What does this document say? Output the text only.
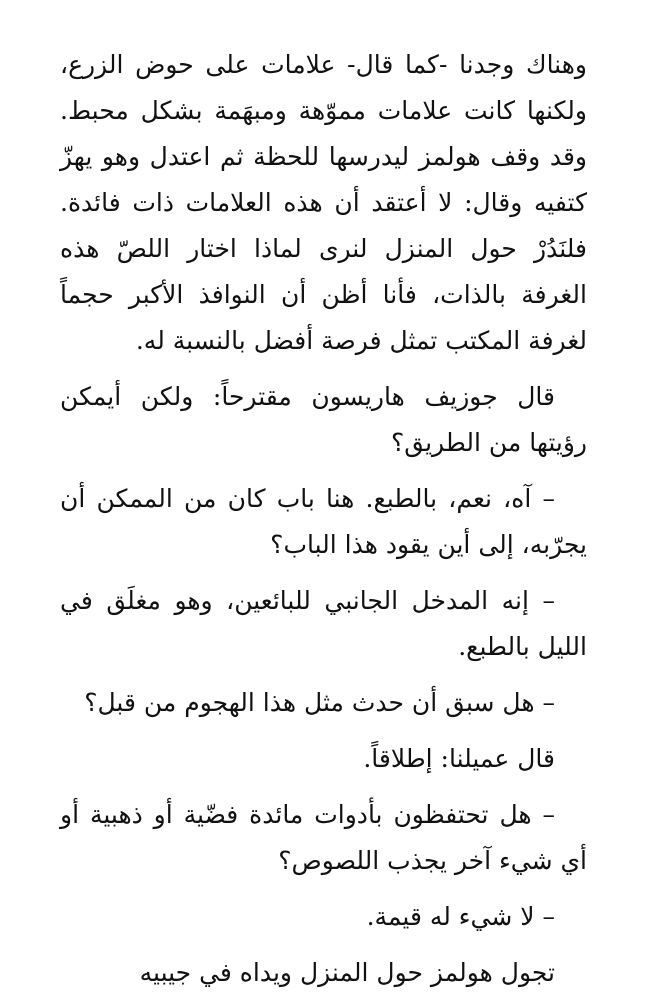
وهناك وجدنا -كما قال- علامات على حوض الزرع، ولكنها كانت علامات مموّهة ومبهَمة بشكل محبط. وقد وقف هولمز ليدرسها للحظة ثم اعتدل وهو يهزّ كتفيه وقال: لا أعتقد أن هذه العلامات ذات فائدة. فلنَدُرْ حول المنزل لنرى لماذا اختار اللصّ هذه الغرفة بالذات، فأنا أظن أن النوافذ الأكبر حجماً لغرفة المكتب تمثل فرصة أفضل بالنسبة له.

قال جوزيف هاريسون مقترحاً: ولكن أيمكن رؤيتها من الطريق؟

– آه، نعم، بالطبع. هنا باب كان من الممكن أن يجرّبه، إلى أين يقود هذا الباب؟

– إنه المدخل الجانبي للبائعين، وهو مغلَق في الليل بالطبع.

– هل سبق أن حدث مثل هذا الهجوم من قبل؟

قال عميلنا: إطلاقاً.

– هل تحتفظون بأدوات مائدة فضّية أو ذهبية أو أي شيء آخر يجذب اللصوص؟

– لا شيء له قيمة.

تجول هولمز حول المنزل ويداه في جيبيه
